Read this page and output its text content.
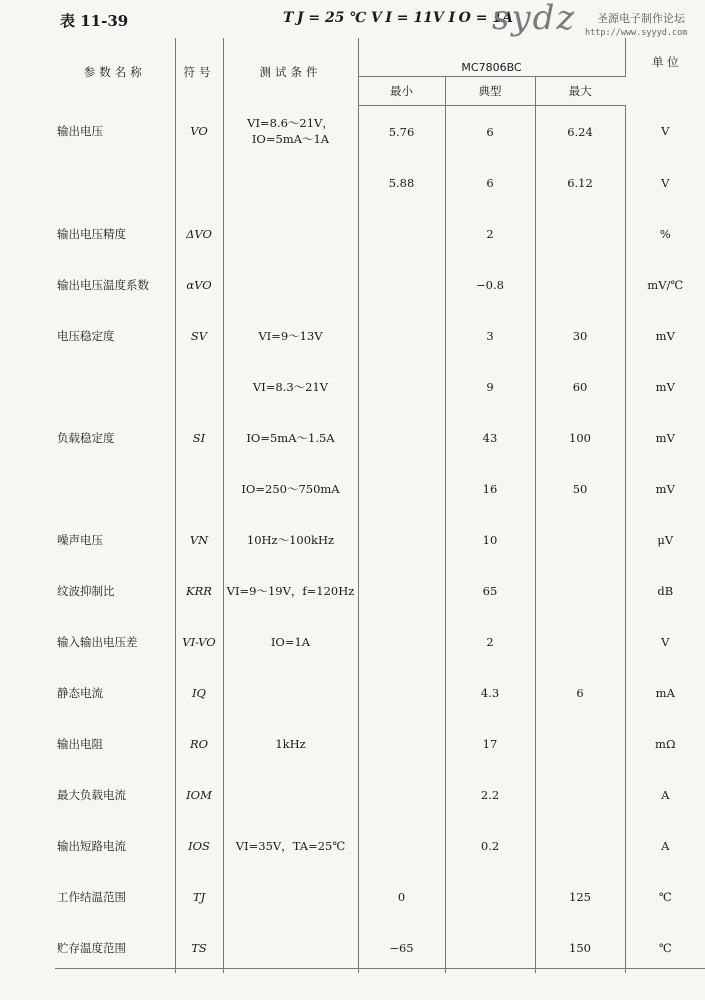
表 11-39	T J = 25 ℃ V I = 11V I O = 1A
sydz 圣源电子制作论坛
http://www.syyyd.com
参数名称	符号	测试条件	MC7806BC			单 位
			最小	典型	最大	
输出电压	VO	VI=8.6～21V，IO=5mA～1A	5.76	6	6.24	V
			5.88	6	6.12	V
输出电压精度	ΔVO			2		%
输出电压温度系数	αVO			−0.8		mV/℃
电压稳定度	SV	VI=9～13V		3	30	mV
		VI=8.3～21V		9	60	mV
负载稳定度	SI	IO=5mA～1.5A		43	100	mV
		IO=250～750mA		16	50	mV
噪声电压	VN	10Hz～100kHz		10		μV
纹波抑制比	KRR	VI=9～19V，f=120Hz		65		dB
输入输出电压差	VI-VO	IO=1A		2		V
静态电流	IQ			4.3	6	mA
输出电阻	RO	1kHz		17		mΩ
最大负载电流	IOM			2.2		A
输出短路电流	IOS	VI=35V，TA=25℃		0.2		A
工作结温范围	TJ		0		125	℃
贮存温度范围	TS		−65		150	℃
